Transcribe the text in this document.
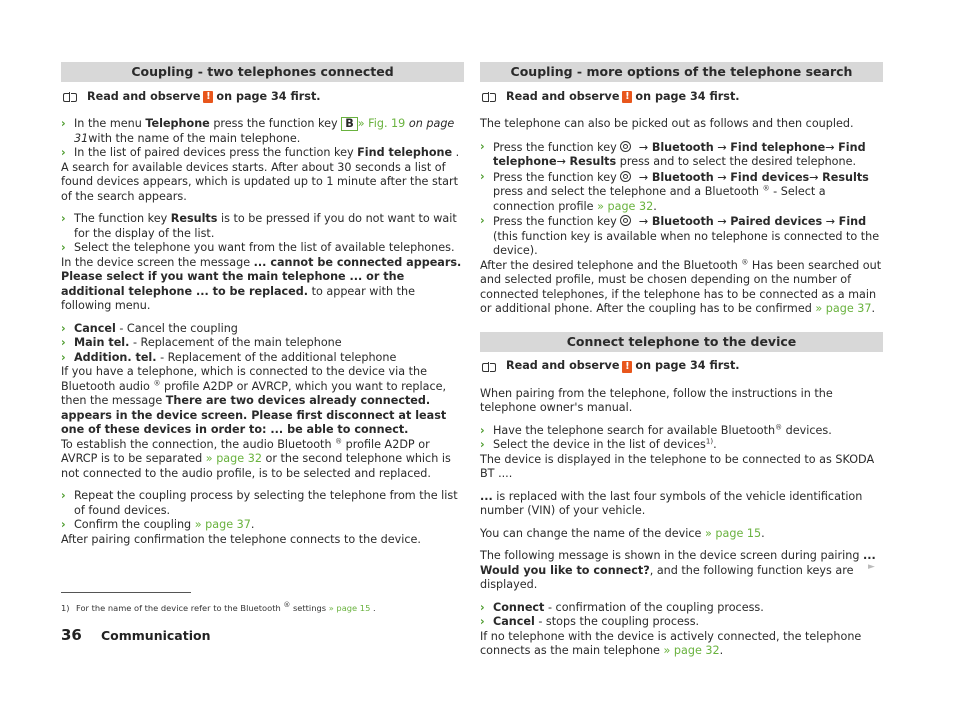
Coupling - two telephones connected
Read and observe ! on page 34 first.

› In the menu Telephone press the function key B » Fig. 19 on page 31with the name of the main telephone.

› In the list of paired devices press the function key Find telephone .

A search for available devices starts. After about 30 seconds a list of found devices appears, which is updated up to 1 minute after the start of the search appears.

› The function key Results is to be pressed if you do not want to wait for the display of the list.

› Select the telephone you want from the list of available telephones.

In the device screen the message ... cannot be connected appears. Please select if you want the main telephone ... or the additional telephone ... to be replaced. to appear with the following menu.

› Cancel - Cancel the coupling

› Main tel. - Replacement of the main telephone

› Addition. tel. - Replacement of the additional telephone

If you have a telephone, which is connected to the device via the Bluetooth audio ® profile A2DP or AVRCP, which you want to replace, then the message There are two devices already connected. appears in the device screen. Please first disconnect at least one of these devices in order to: ... be able to connect.

To establish the connection, the audio Bluetooth ® profile A2DP or AVRCP is to be separated » page 32 or the second telephone which is not connected to the audio profile, is to be selected and replaced.

› Repeat the coupling process by selecting the telephone from the list of found devices.

› Confirm the coupling » page 37.

After pairing confirmation the telephone connects to the device.

Coupling - more options of the telephone search
Read and observe ! on page 34 first.

The telephone can also be picked out as follows and then coupled.

› Press the function key  → Bluetooth → Find telephone→ Find telephone→ Results press and to select the desired telephone.

› Press the function key  → Bluetooth → Find devices→ Results press and select the telephone and a Bluetooth ® - Select a connection profile » page 32.

› Press the function key  → Bluetooth → Paired devices → Find (this function key is available when no telephone is connected to the device).

After the desired telephone and the Bluetooth ® Has been searched out and selected profile, must be chosen depending on the number of connected telephones, if the telephone has to be connected as a main or additional phone. After the coupling has to be confirmed » page 37.

Connect telephone to the device
Read and observe ! on page 34 first.

When pairing from the telephone, follow the instructions in the telephone owner's manual.

› Have the telephone search for available Bluetooth® devices.

› Select the device in the list of devices$^{1)}$.

The device is displayed in the telephone to be connected to as SKODA BT ....

... is replaced with the last four symbols of the vehicle identification number (VIN) of your vehicle.

You can change the name of the device » page 15.

The following message is shown in the device screen during pairing ... Would you like to connect?, and the following function keys are displayed.

› Connect - confirmation of the coupling process.

› Cancel - stops the coupling process.

If no telephone with the device is actively connected, the telephone connects as the main telephone » page 32.

►
1) For the name of the device refer to the Bluetooth ® settings » page 15 .
36 Communication
